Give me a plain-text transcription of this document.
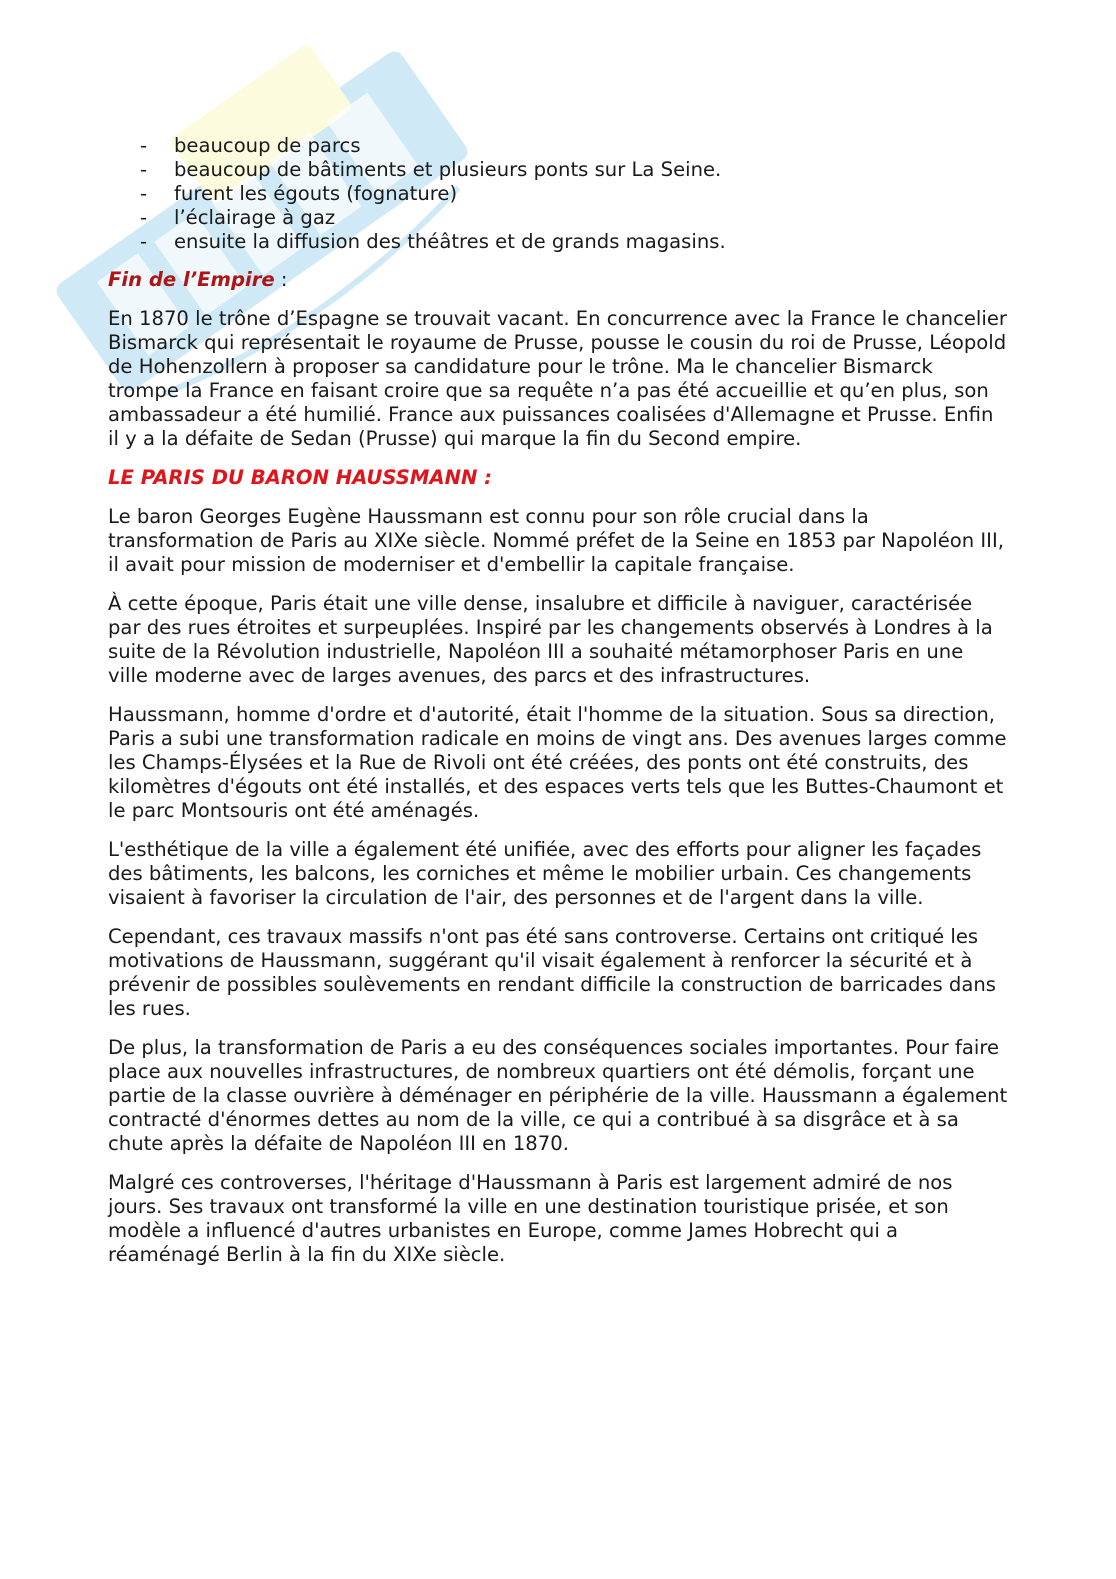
- beaucoup de parcs
- beaucoup de bâtiments et plusieurs ponts sur La Seine.
- furent les égouts (fognature)
- l’éclairage à gaz
- ensuite la diffusion des théâtres et de grands magasins.
Fin de l’Empire :

En 1870 le trône d’Espagne se trouvait vacant. En concurrence avec la France le chancelier Bismarck qui représentait le royaume de Prusse, pousse le cousin du roi de Prusse, Léopold de Hohenzollern à proposer sa candidature pour le trône. Ma le chancelier Bismarck trompe la France en faisant croire que sa requête n’a pas été accueillie et qu’en plus, son ambassadeur a été humilié. France aux puissances coalisées d'Allemagne et Prusse. Enfin il y a la défaite de Sedan (Prusse) qui marque la fin du Second empire.

LE PARIS DU BARON HAUSSMANN :

Le baron Georges Eugène Haussmann est connu pour son rôle crucial dans la transformation de Paris au XIXe siècle. Nommé préfet de la Seine en 1853 par Napoléon III, il avait pour mission de moderniser et d'embellir la capitale française.

À cette époque, Paris était une ville dense, insalubre et difficile à naviguer, caractérisée par des rues étroites et surpeuplées. Inspiré par les changements observés à Londres à la suite de la Révolution industrielle, Napoléon III a souhaité métamorphoser Paris en une ville moderne avec de larges avenues, des parcs et des infrastructures.

Haussmann, homme d'ordre et d'autorité, était l'homme de la situation. Sous sa direction, Paris a subi une transformation radicale en moins de vingt ans. Des avenues larges comme les Champs-Élysées et la Rue de Rivoli ont été créées, des ponts ont été construits, des kilomètres d'égouts ont été installés, et des espaces verts tels que les Buttes-Chaumont et le parc Montsouris ont été aménagés.

L'esthétique de la ville a également été unifiée, avec des efforts pour aligner les façades des bâtiments, les balcons, les corniches et même le mobilier urbain. Ces changements visaient à favoriser la circulation de l'air, des personnes et de l'argent dans la ville.

Cependant, ces travaux massifs n'ont pas été sans controverse. Certains ont critiqué les motivations de Haussmann, suggérant qu'il visait également à renforcer la sécurité et à prévenir de possibles soulèvements en rendant difficile la construction de barricades dans les rues.

De plus, la transformation de Paris a eu des conséquences sociales importantes. Pour faire place aux nouvelles infrastructures, de nombreux quartiers ont été démolis, forçant une partie de la classe ouvrière à déménager en périphérie de la ville. Haussmann a également contracté d'énormes dettes au nom de la ville, ce qui a contribué à sa disgrâce et à sa chute après la défaite de Napoléon III en 1870.

Malgré ces controverses, l'héritage d'Haussmann à Paris est largement admiré de nos jours. Ses travaux ont transformé la ville en une destination touristique prisée, et son modèle a influencé d'autres urbanistes en Europe, comme James Hobrecht qui a réaménagé Berlin à la fin du XIXe siècle.
